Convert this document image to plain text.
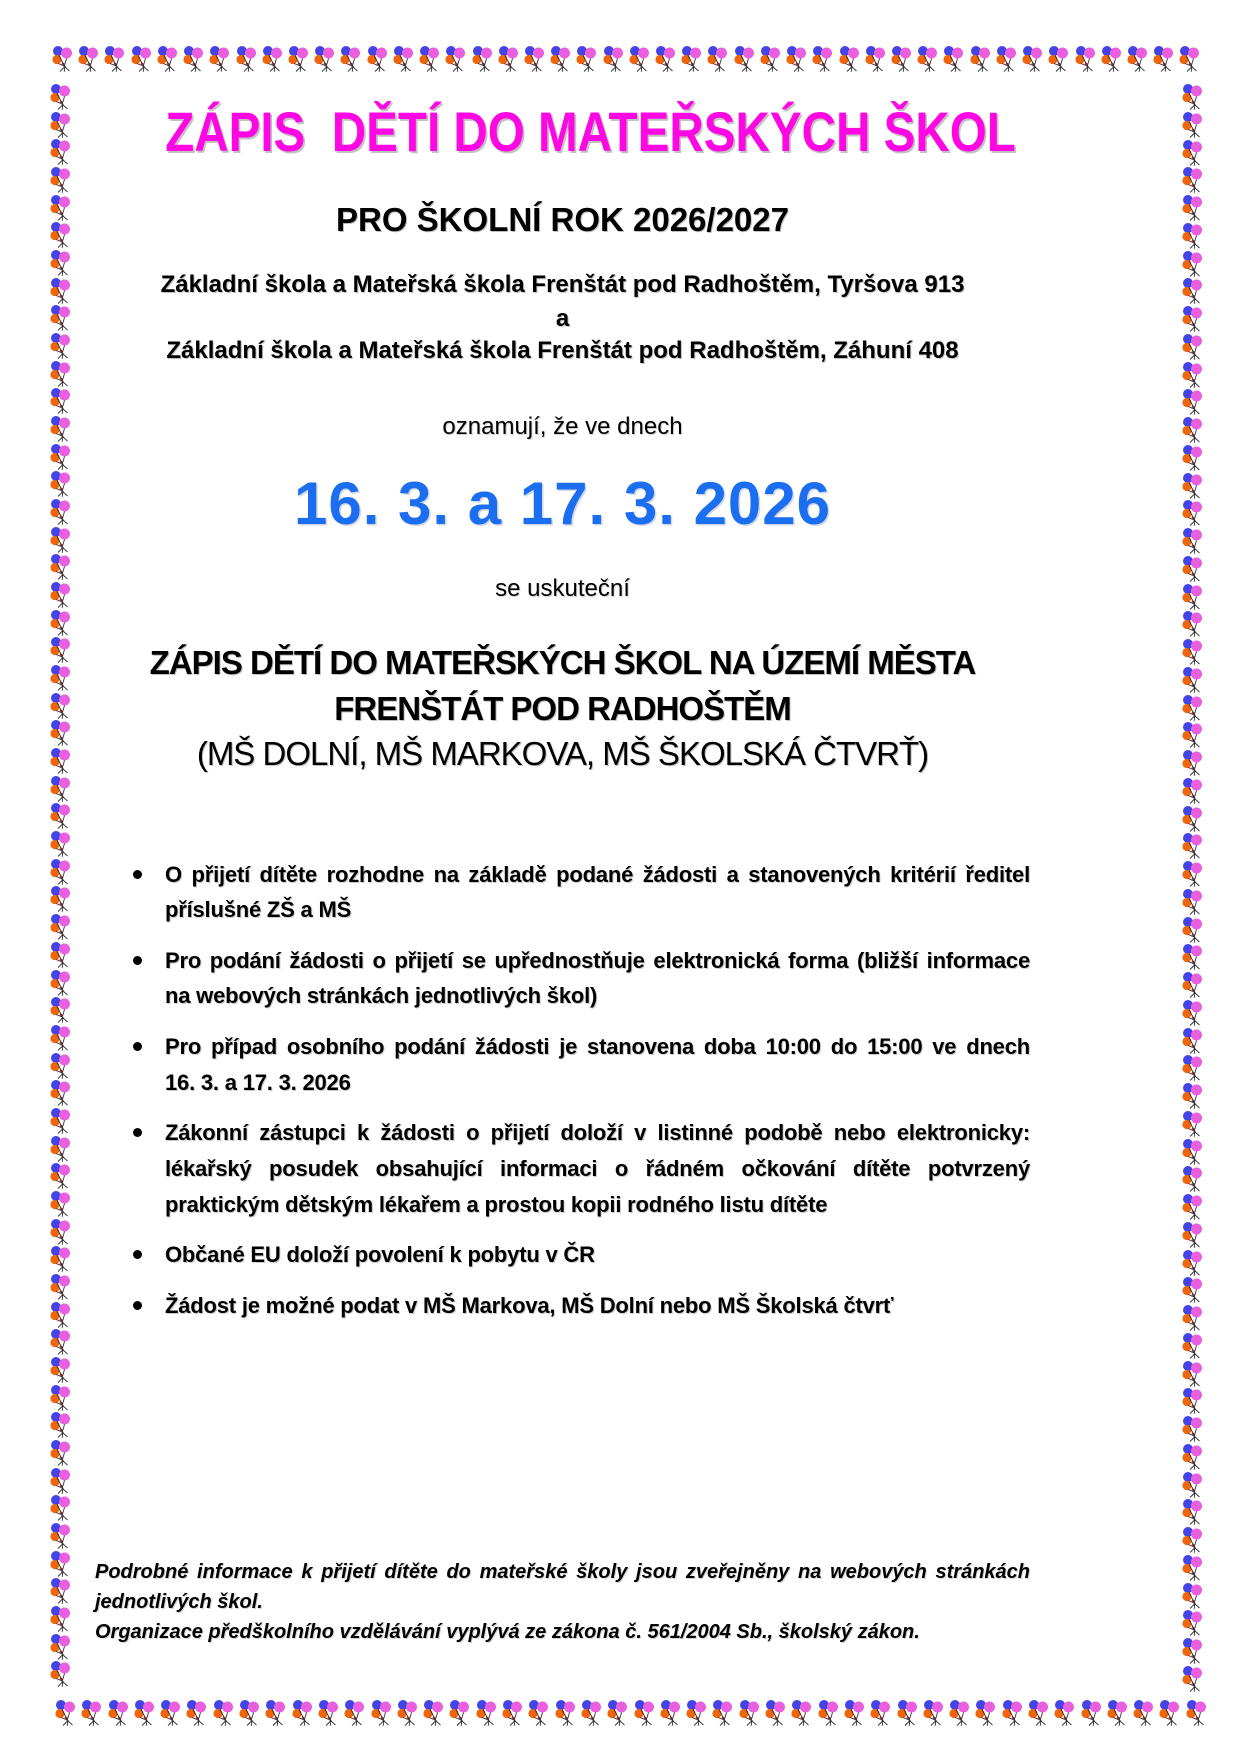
ZÁPIS  DĚTÍ DO MATEŘSKÝCH ŠKOL
PRO ŠKOLNÍ ROK 2026/2027
Základní škola a Mateřská škola Frenštát pod Radhoštěm, Tyršova 913
a
Základní škola a Mateřská škola Frenštát pod Radhoštěm, Záhuní 408
oznamují, že ve dnech
16. 3. a 17. 3. 2026
se uskuteční
ZÁPIS DĚTÍ DO MATEŘSKÝCH ŠKOL NA ÚZEMÍ MĚSTA
FRENŠTÁT POD RADHOŠTĚM
(MŠ DOLNÍ, MŠ MARKOVA, MŠ ŠKOLSKÁ ČTVRŤ)
O přijetí dítěte rozhodne na základě podané žádosti a stanovených kritérií ředitel příslušné ZŠ a MŠ
Pro podání žádosti o přijetí se upřednostňuje elektronická forma (bližší informace na webových stránkách jednotlivých škol)
Pro případ osobního podání žádosti je stanovena doba 10:00 do 15:00 ve dnech 16. 3. a 17. 3. 2026
Zákonní zástupci k žádosti o přijetí doloží v listinné podobě nebo elektronicky: lékařský posudek obsahující informaci o řádném očkování dítěte potvrzený praktickým dětským lékařem a prostou kopii rodného listu dítěte
Občané EU doloží povolení k pobytu v ČR
Žádost je možné podat v MŠ Markova, MŠ Dolní nebo MŠ Školská čtvrť

Podrobné informace k přijetí dítěte do mateřské školy jsou zveřejněny na webových stránkách jednotlivých škol.

Organizace předškolního vzdělávání vyplývá ze zákona č. 561/2004 Sb., školský zákon.
